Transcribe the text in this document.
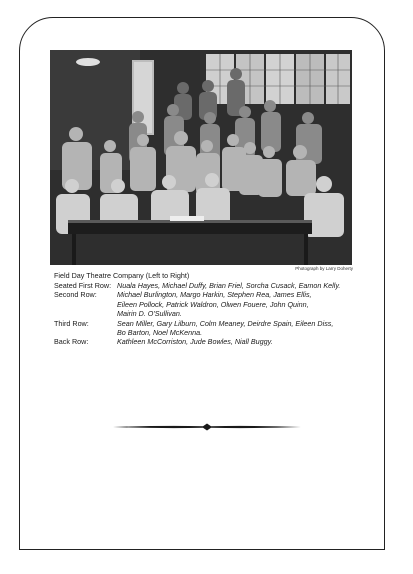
Photograph by Larry Doherty
Field Day Theatre Company (Left to Right)
Seated First Row: Nuala Hayes, Michael Duffy, Brian Friel, Sorcha Cusack, Eamon Kelly.
Second Row:	Michael Burlington, Margo Harkin, Stephen Rea, James Ellis,
Eileen Pollock, Patrick Waldron, Olwen Fouere, John Quinn,
Mairin D. O'Sullivan.
Third Row:	Sean Miller, Gary Lilburn, Colm Meaney, Deirdre Spain, Eileen Diss,
Bo Barton, Noel McKenna.
Back Row:	Kathleen McCorriston, Jude Bowles, Niall Buggy.
